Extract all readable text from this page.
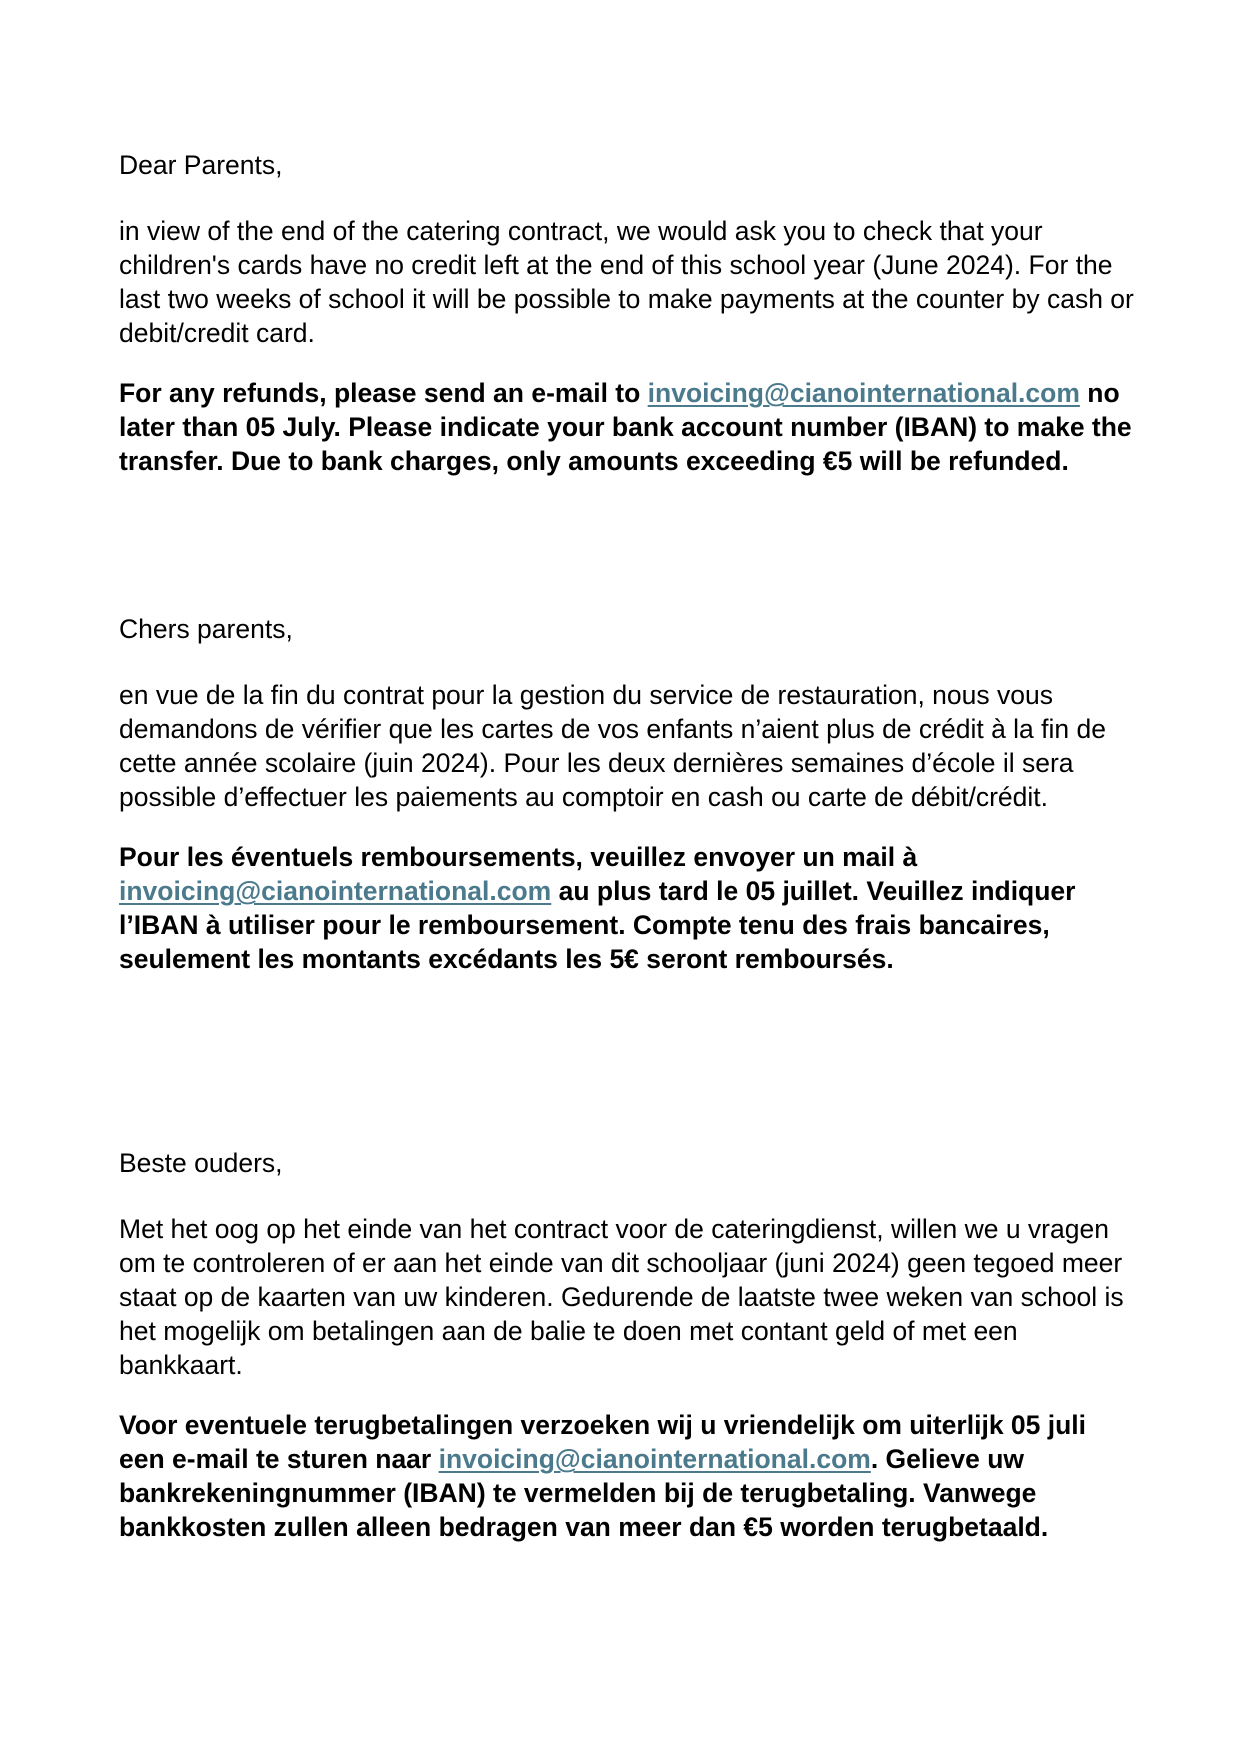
Dear Parents,

in view of the end of the catering contract, we would ask you to check that your children's cards have no credit left at the end of this school year (June 2024). For the last two weeks of school it will be possible to make payments at the counter by cash or debit/credit card.

For any refunds, please send an e-mail to invoicing@cianointernational.com no later than 05 July. Please indicate your bank account number (IBAN) to make the transfer. Due to bank charges, only amounts exceeding €5 will be refunded.

Chers parents,

en vue de la fin du contrat pour la gestion du service de restauration, nous vous demandons de vérifier que les cartes de vos enfants n’aient plus de crédit à la fin de cette année scolaire (juin 2024). Pour les deux dernières semaines d’école il sera possible d’effectuer les paiements au comptoir en cash ou carte de débit/crédit.

Pour les éventuels remboursements, veuillez envoyer un mail à invoicing@cianointernational.com au plus tard le 05 juillet. Veuillez indiquer l’IBAN à utiliser pour le remboursement. Compte tenu des frais bancaires, seulement les montants excédants les 5€ seront remboursés.

Beste ouders,

Met het oog op het einde van het contract voor de cateringdienst, willen we u vragen om te controleren of er aan het einde van dit schooljaar (juni 2024) geen tegoed meer staat op de kaarten van uw kinderen. Gedurende de laatste twee weken van school is het mogelijk om betalingen aan de balie te doen met contant geld of met een bankkaart.

Voor eventuele terugbetalingen verzoeken wij u vriendelijk om uiterlijk 05 juli een e-mail te sturen naar invoicing@cianointernational.com. Gelieve uw bankrekeningnummer (IBAN) te vermelden bij de terugbetaling. Vanwege bankkosten zullen alleen bedragen van meer dan €5 worden terugbetaald.
